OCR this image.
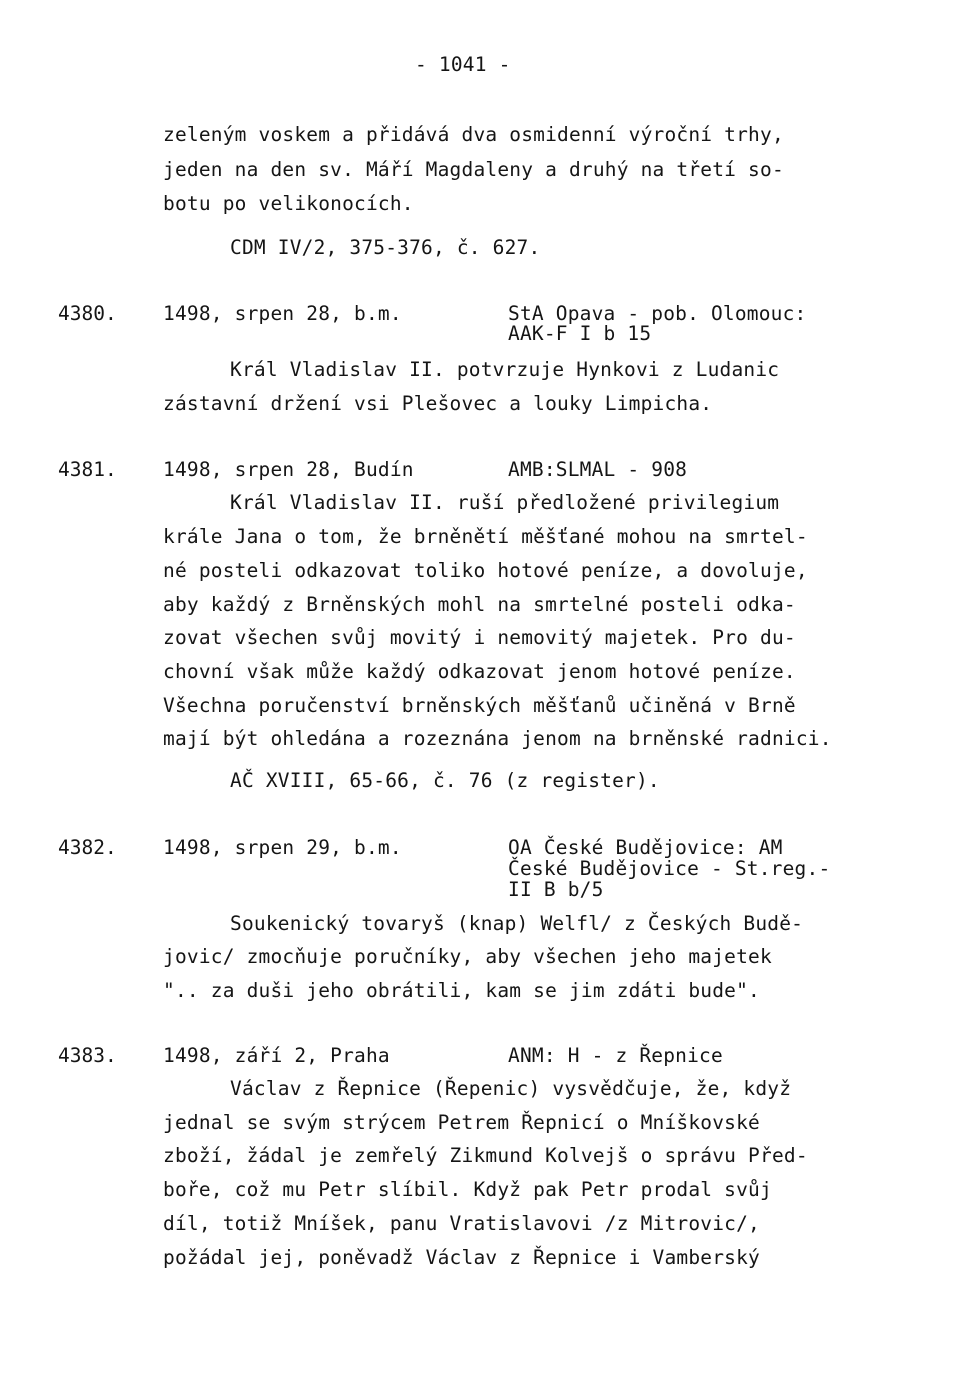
- 1041 -
zeleným voskem a přidává dva osmidenní výroční trhy,
jeden na den sv. Máří Magdaleny a druhý na třetí so-
botu po velikonocích.
CDM IV/2, 375-376, č. 627.
4380. 1498, srpen 28, b.m.	StA Opava - pob. Olomouc:
AAK-F I b 15
Král Vladislav II. potvrzuje Hynkovi z Ludanic
zástavní držení vsi Plešovec a louky Limpicha.
4381. 1498, srpen 28, Budín	AMB:SLMAL - 908
Král Vladislav II. ruší předložené privilegium
krále Jana o tom, že brněnětí měšťané mohou na smrtel-
né posteli odkazovat toliko hotové peníze, a dovoluje,
aby každý z Brněnských mohl na smrtelné posteli odka-
zovat všechen svůj movitý i nemovitý majetek. Pro du-
chovní však může každý odkazovat jenom hotové peníze.
Všechna poručenství brněnských měšťanů učiněná v Brně
mají být ohledána a rozeznána jenom na brněnské radnici.
AČ XVIII, 65-66, č. 76 (z register).
4382. 1498, srpen 29, b.m.	OA České Budějovice: AM
České Budějovice - St.reg.-
II B b/5
Soukenický tovaryš (knap) Welfl/ z Českých Budě-
jovic/ zmocňuje poručníky, aby všechen jeho majetek
".. za duši jeho obrátili, kam se jim zdáti bude".
4383. 1498, září 2, Praha	ANM: H - z Řepnice
Václav z Řepnice (Řepenic) vysvědčuje, že, když
jednal se svým strýcem Petrem Řepnicí o Mníškovské
zboží, žádal je zemřelý Zikmund Kolvejš o správu Před-
boře, což mu Petr slíbil. Když pak Petr prodal svůj
díl, totiž Mníšek, panu Vratislavovi /z Mitrovic/,
požádal jej, poněvadž Václav z Řepnice i Vamberský
